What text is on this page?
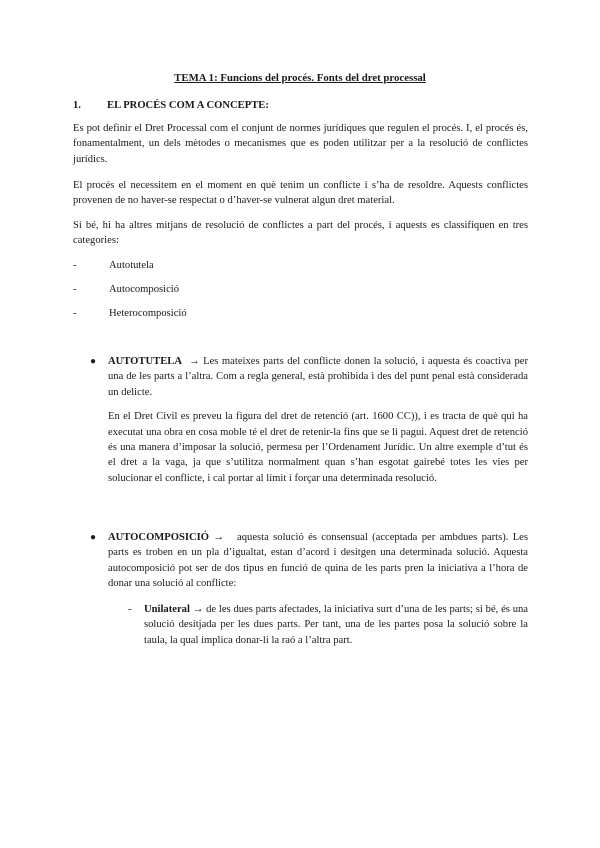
TEMA 1: Funcions del procés. Fonts del dret processal
1. EL PROCÉS COM A CONCEPTE:

Es pot definir el Dret Processal com el conjunt de normes jurídiques que regulen el procés. I, el procés és, fonamentalment, un dels mètodes o mecanismes que es poden utilitzar per a la resolució de conflictes jurídics.

El procés el necessitem en el moment en què tenim un conflicte i s’ha de resoldre. Aquests conflictes provenen de no haver-se respectat o d’haver-se vulnerat algun dret material.

Si bé, hi ha altres mitjans de resolució de conflictes a part del procés, i aquests es classifiquen en tres categories:

-	Autotutela
-	Autocomposició
-	Heterocomposició
● AUTOTUTELA → Les mateixes parts del conflicte donen la solució, i aquesta és coactiva per una de les parts a l’altra. Com a regla general, està prohibida i des del punt penal està considerada un delicte.

En el Dret Civil es preveu la figura del dret de retenció (art. 1600 CC)), i es tracta de què qui ha executat una obra en cosa moble té el dret de retenir-la fins que se li pagui. Aquest dret de retenció és una manera d’imposar la solució, permesa per l’Ordenament Jurídic. Un altre exemple d’tut és el dret a la vaga, ja que s’utilitza normalment quan s’han esgotat gairebé totes les vies per solucionar el conflicte, i cal portar al límit i forçar una determinada resolució.

● AUTOCOMPOSICIÓ → aquesta solució és consensual (acceptada per ambdues parts). Les parts es troben en un pla d’igualtat, estan d’acord i desitgen una determinada solució. Aquesta autocomposició pot ser de dos tipus en funció de quina de les parts pren la iniciativa a l’hora de donar una solució al conflicte:

- Unilateral → de les dues parts afectades, la iniciativa surt d’una de les parts; si bé, és una solució desitjada per les dues parts. Per tant, una de les partes posa la solució sobre la taula, la qual implica donar-li la raó a l’altra part.
